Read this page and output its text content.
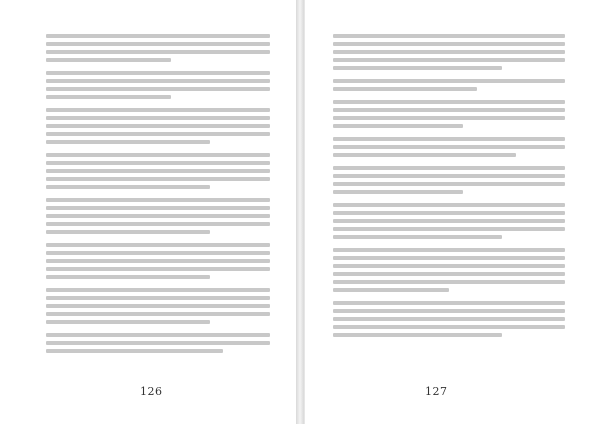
126	127
